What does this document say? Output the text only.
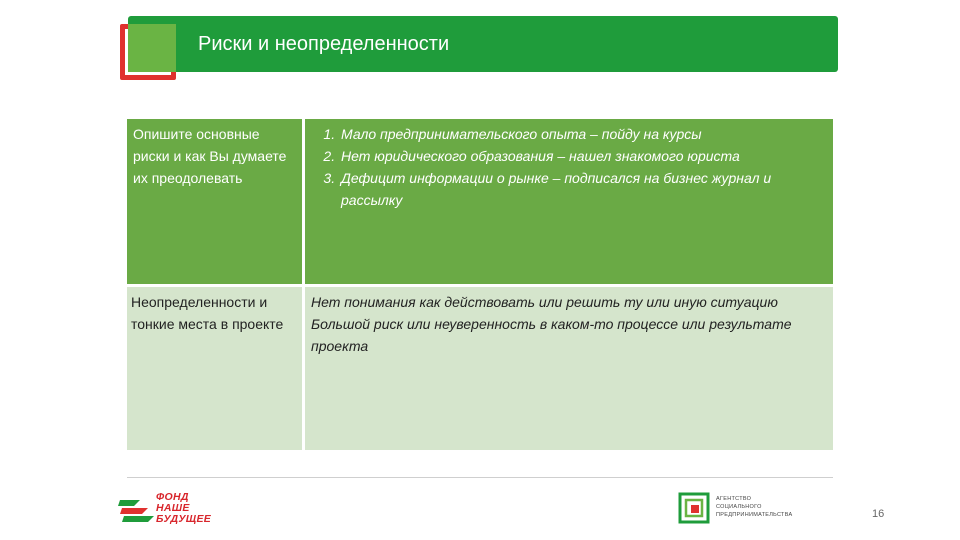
Риски и неопределенности
Опишите основные риски и как Вы думаете их преодолевать
1. Мало предпринимательского опыта – пойду на курсы
2. Нет юридического образования – нашел знакомого юриста
3. Дефицит информации о рынке – подписался на бизнес журнал и рассылку
Неопределенности и тонкие места в проекте
Нет понимания как действовать или решить ту или иную ситуацию
Большой риск или неуверенность в каком-то процессе или результате проекта
ФОНД
НАШЕ
БУДУЩЕЕ
АГЕНТСТВО
СОЦИАЛЬНОГО
ПРЕДПРИНИМАТЕЛЬСТВА	16
